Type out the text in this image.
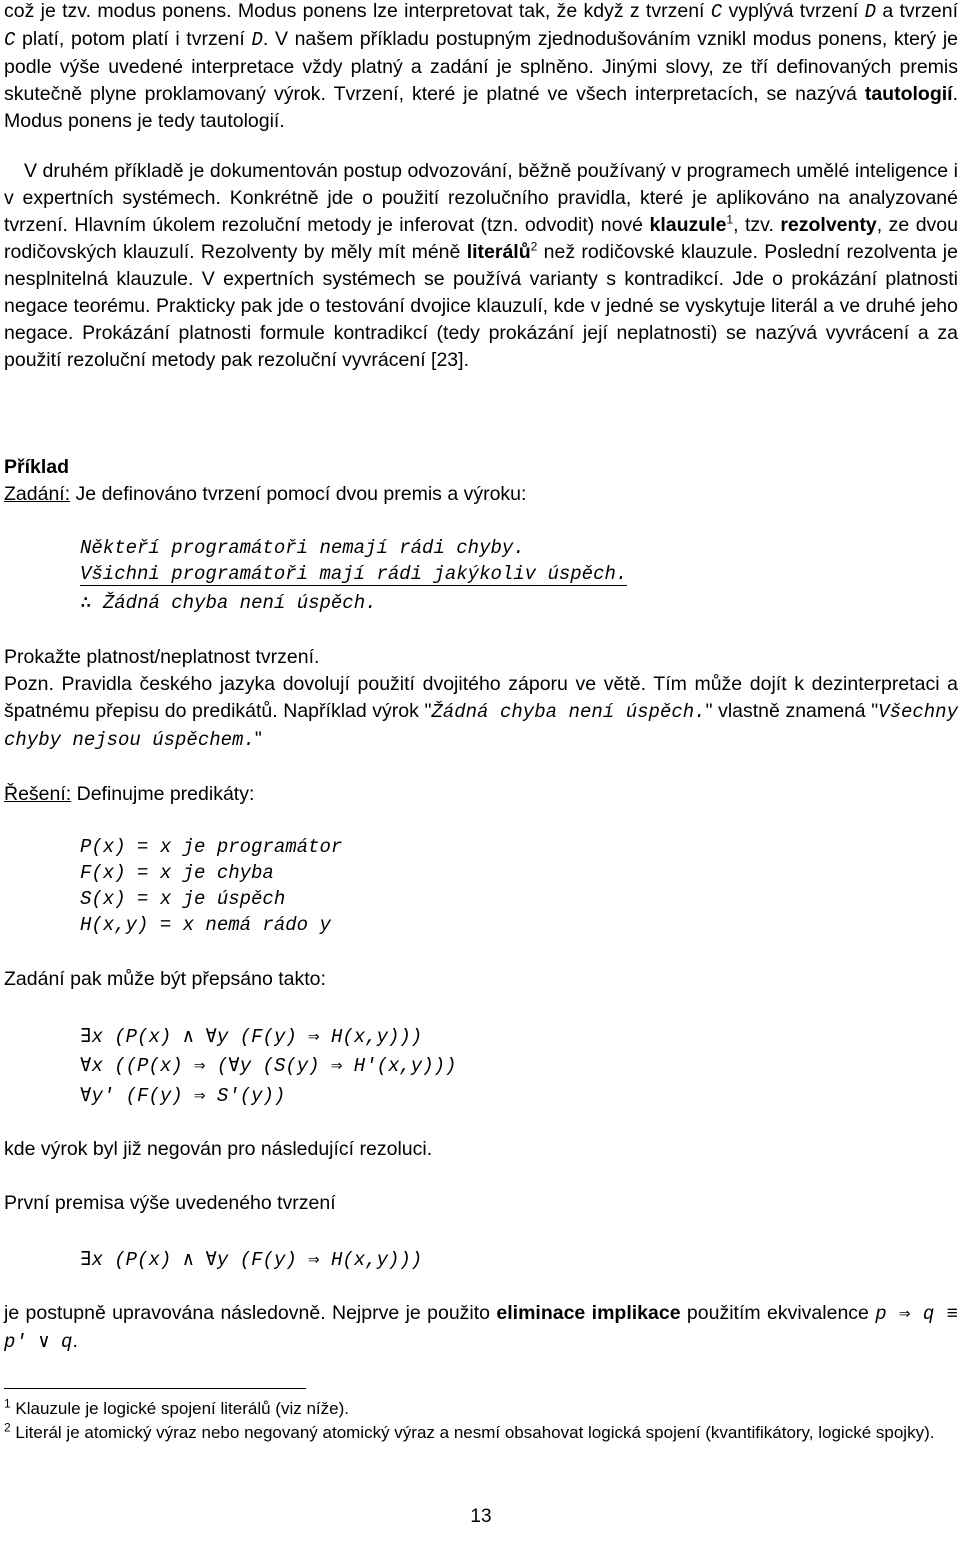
což je tzv. modus ponens. Modus ponens lze interpretovat tak, že když z tvrzení C vyplývá tvrzení D a tvrzení C platí, potom platí i tvrzení D. V našem příkladu postupným zjednodušováním vznikl modus ponens, který je podle výše uvedené interpretace vždy platný a zadání je splněno. Jinými slovy, ze tří definovaných premis skutečně plyne proklamovaný výrok. Tvrzení, které je platné ve všech interpretacích, se nazývá tautologií. Modus ponens je tedy tautologií.

V druhém příkladě je dokumentován postup odvozování, běžně používaný v programech umělé inteligence i v expertních systémech. Konkrétně jde o použití rezolučního pravidla, které je aplikováno na analyzované tvrzení. Hlavním úkolem rezoluční metody je inferovat (tzn. odvodit) nové klauzule$^1$, tzv. rezolventy, ze dvou rodičovských klauzulí. Rezolventy by měly mít méně literálů$^2$ než rodičovské klauzule. Poslední rezolventa je nesplnitelná klauzule. V expertních systémech se používá varianty s kontradikcí. Jde o prokázání platnosti negace teorému. Prakticky pak jde o testování dvojice klauzulí, kde v jedné se vyskytuje literál a ve druhé jeho negace. Prokázání platnosti formule kontradikcí (tedy prokázání její neplatnosti) se nazývá vyvrácení a za použití rezoluční metody pak rezoluční vyvrácení [23].

Příklad
Zadání: Je definováno tvrzení pomocí dvou premis a výroku:
Někteří programátoři nemají rádi chyby.
Všichni programátoři mají rádi jakýkoliv úspěch.
∴ Žádná chyba není úspěch.
Prokažte platnost/neplatnost tvrzení.

Pozn. Pravidla českého jazyka dovolují použití dvojitého záporu ve větě. Tím může dojít k dezinterpretaci a špatnému přepisu do predikátů. Například výrok "Žádná chyba není úspěch." vlastně znamená "Všechny chyby nejsou úspěchem."

Řešení: Definujme predikáty:
P(x) = x je programátor
F(x) = x je chyba
S(x) = x je úspěch
H(x,y) = x nemá rádo y
Zadání pak může být přepsáno takto:
∃x (P(x) ∧ ∀y (F(y) ⇒ H(x,y)))
∀x ((P(x) ⇒ (∀y (S(y) ⇒ H'(x,y)))
∀y' (F(y) ⇒ S'(y))
kde výrok byl již negován pro následující rezoluci.
První premisa výše uvedeného tvrzení
∃x (P(x) ∧ ∀y (F(y) ⇒ H(x,y)))

je postupně upravována následovně. Nejprve je použito eliminace implikace použitím ekvivalence p ⇒ q ≡ p' ∨ q.

$^1$ Klauzule je logické spojení literálů (viz níže).
$^2$ Literál je atomický výraz nebo negovaný atomický výraz a nesmí obsahovat logická spojení (kvantifikátory, logické spojky).
13
